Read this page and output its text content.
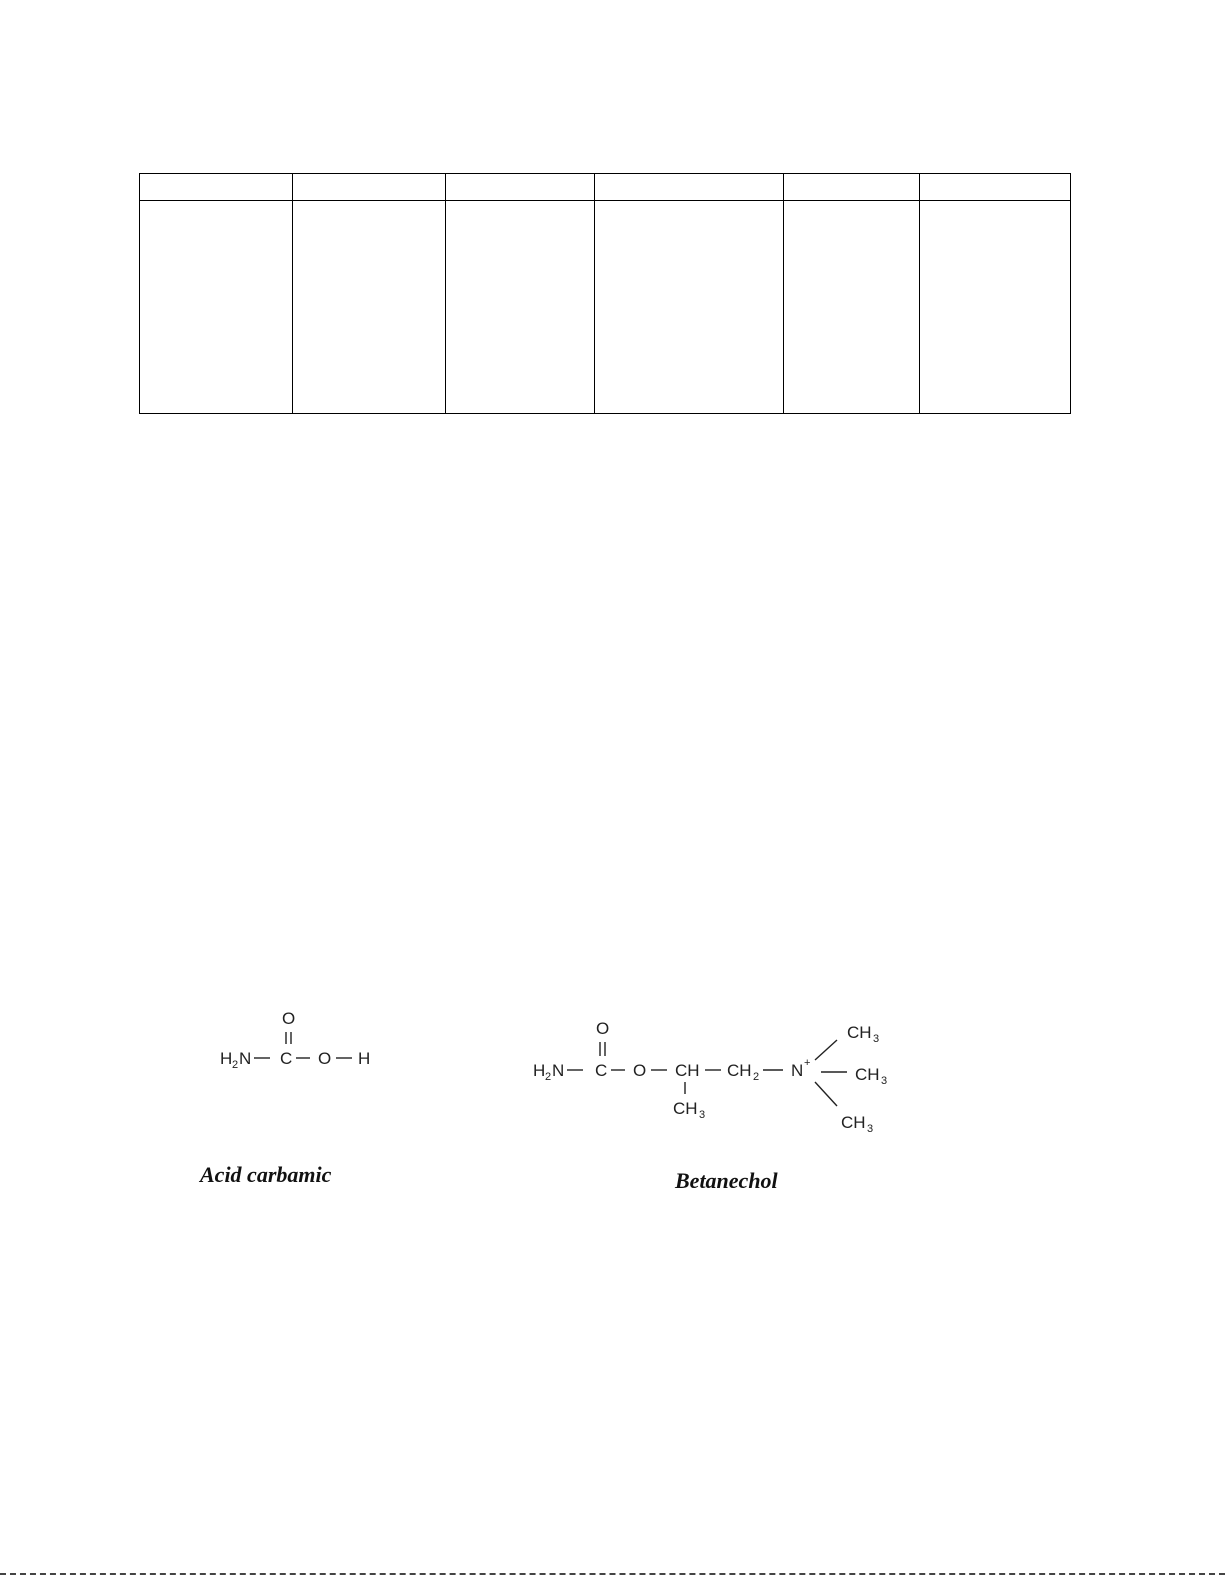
O
H 2 N C O H
Acid carbamic
O
H 2 N C O CH
CH 3
CH 2 N +
CH 3
CH 3
CH 3
Betanechol
